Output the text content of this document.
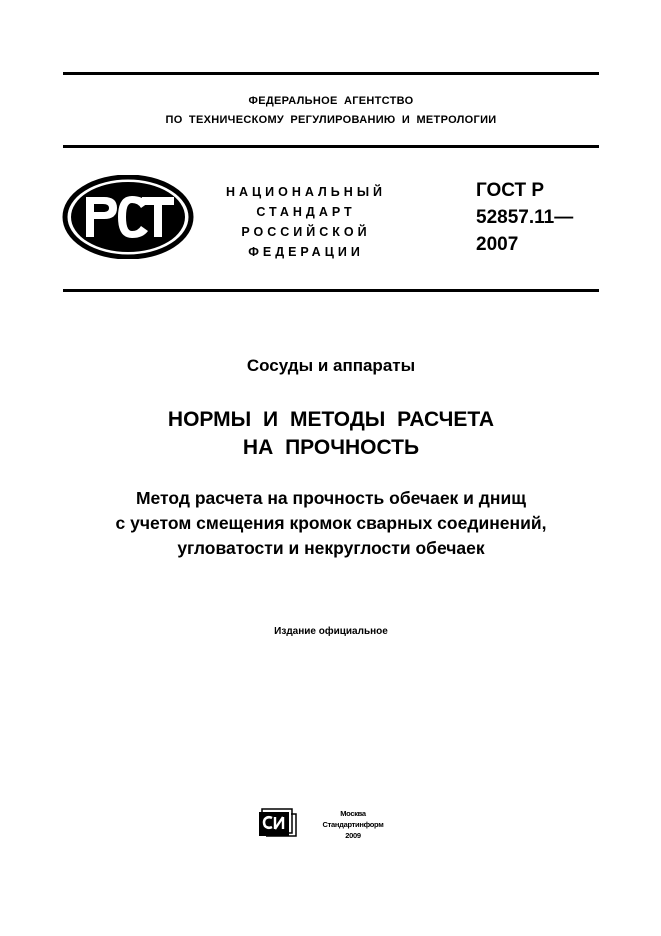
ФЕДЕРАЛЬНОЕ АГЕНТСТВО
ПО ТЕХНИЧЕСКОМУ РЕГУЛИРОВАНИЮ И МЕТРОЛОГИИ
НАЦИОНАЛЬНЫЙ
СТАНДАРТ
РОССИЙСКОЙ
ФЕДЕРАЦИИ
ГОСТ Р
52857.11—
2007
Сосуды и аппараты
НОРМЫ И МЕТОДЫ РАСЧЕТА
НА ПРОЧНОСТЬ
Метод расчета на прочность обечаек и днищ
с учетом смещения кромок сварных соединений,
угловатости и некруглости обечаек
Издание официальное
Москва
Стандартинформ
2009
